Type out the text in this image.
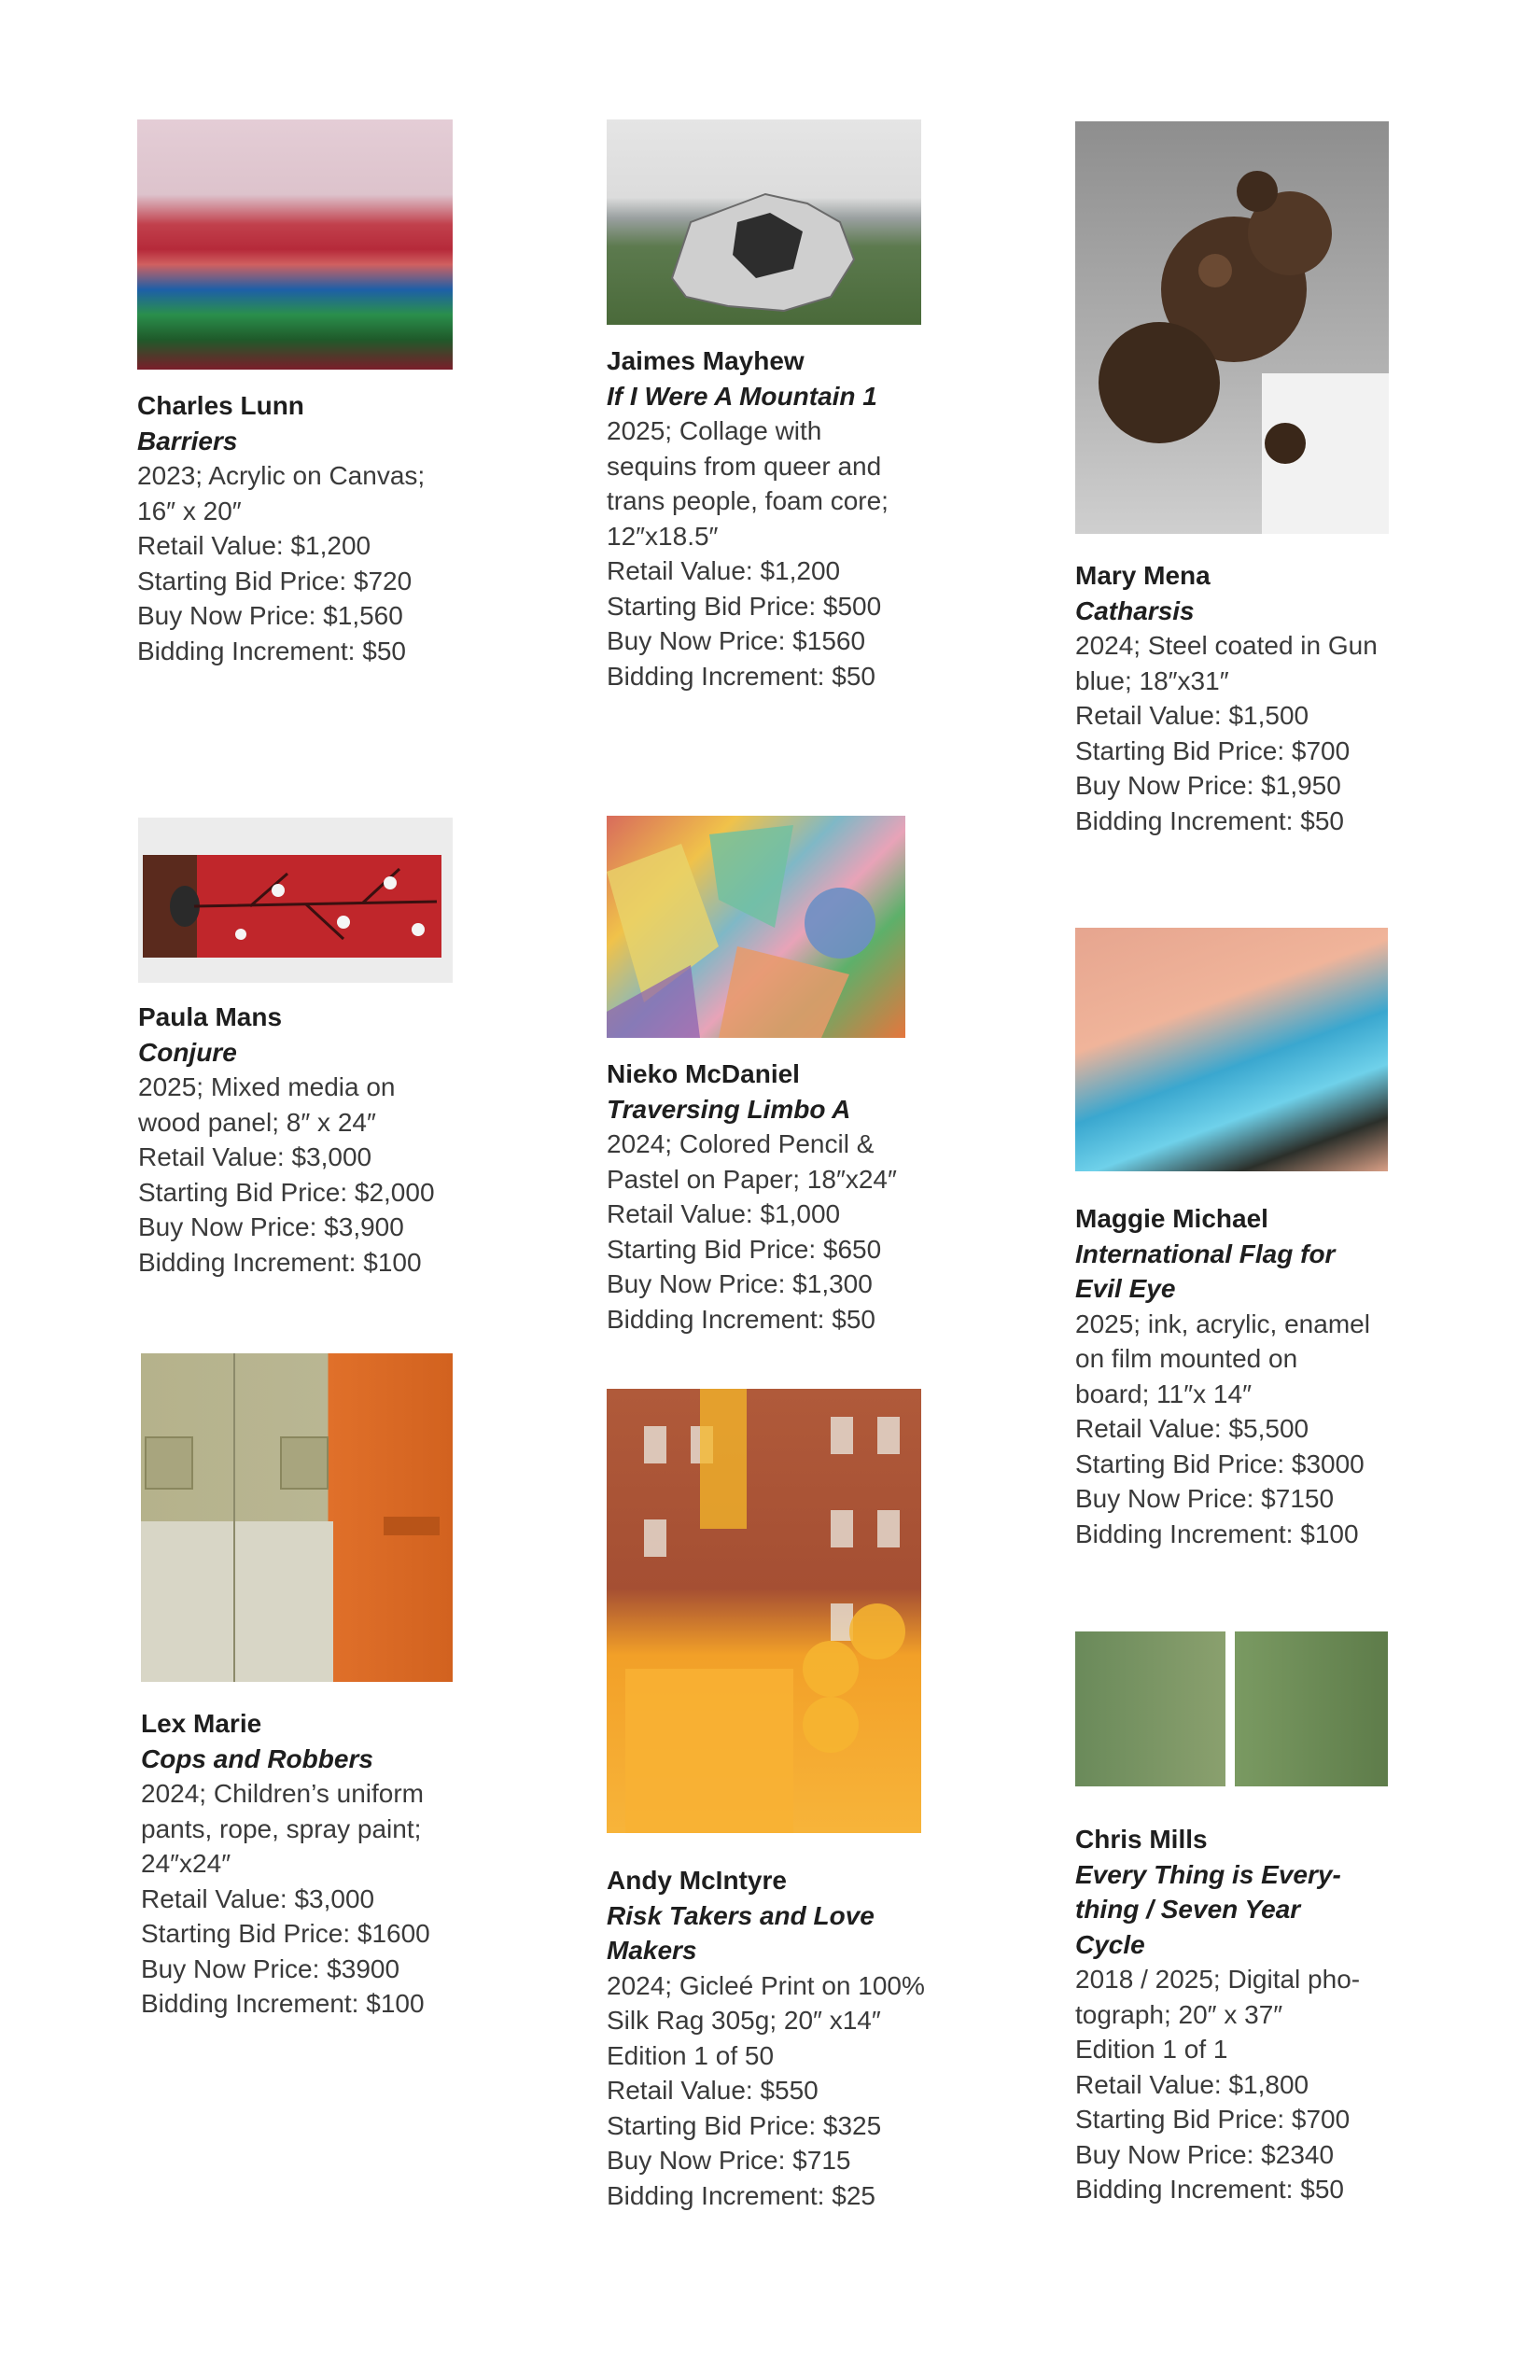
Charles Lunn
Barriers
2023; Acrylic on Canvas;
16″ x 20″
Retail Value: $1,200
Starting Bid Price: $720
Buy Now Price: $1,560
Bidding Increment: $50
Jaimes Mayhew
If I Were A Mountain 1
2025; Collage with
sequins from queer and
trans people, foam core;
12″x18.5″
Retail Value: $1,200
Starting Bid Price: $500
Buy Now Price: $1560
Bidding Increment: $50
Mary Mena
Catharsis
2024; Steel coated in Gun
blue; 18″x31″
Retail Value: $1,500
Starting Bid Price: $700
Buy Now Price: $1,950
Bidding Increment: $50
Paula Mans
Conjure
2025; Mixed media on
wood panel; 8″ x 24″
Retail Value: $3,000
Starting Bid Price: $2,000
Buy Now Price: $3,900
Bidding Increment: $100
Nieko McDaniel
Traversing Limbo A
2024; Colored Pencil &
Pastel on Paper; 18″x24″
Retail Value: $1,000
Starting Bid Price: $650
Buy Now Price: $1,300
Bidding Increment: $50
Maggie Michael
International Flag for
Evil Eye
2025; ink, acrylic, enamel
on film mounted on
board; 11″x 14″
Retail Value: $5,500
Starting Bid Price: $3000
Buy Now Price: $7150
Bidding Increment: $100
Lex Marie
Cops and Robbers
2024; Children’s uniform
pants, rope, spray paint;
24″x24″
Retail Value: $3,000
Starting Bid Price: $1600
Buy Now Price: $3900
Bidding Increment: $100
Andy McIntyre
Risk Takers and Love
Makers
2024; Gicleé Print on 100%
Silk Rag 305g; 20″ x14″
Edition 1 of 50
Retail Value: $550
Starting Bid Price: $325
Buy Now Price: $715
Bidding Increment: $25
Chris Mills
Every Thing is Every-
thing / Seven Year
Cycle
2018 / 2025; Digital pho-
tograph; 20″ x 37″
Edition 1 of 1
Retail Value: $1,800
Starting Bid Price: $700
Buy Now Price: $2340
Bidding Increment: $50
